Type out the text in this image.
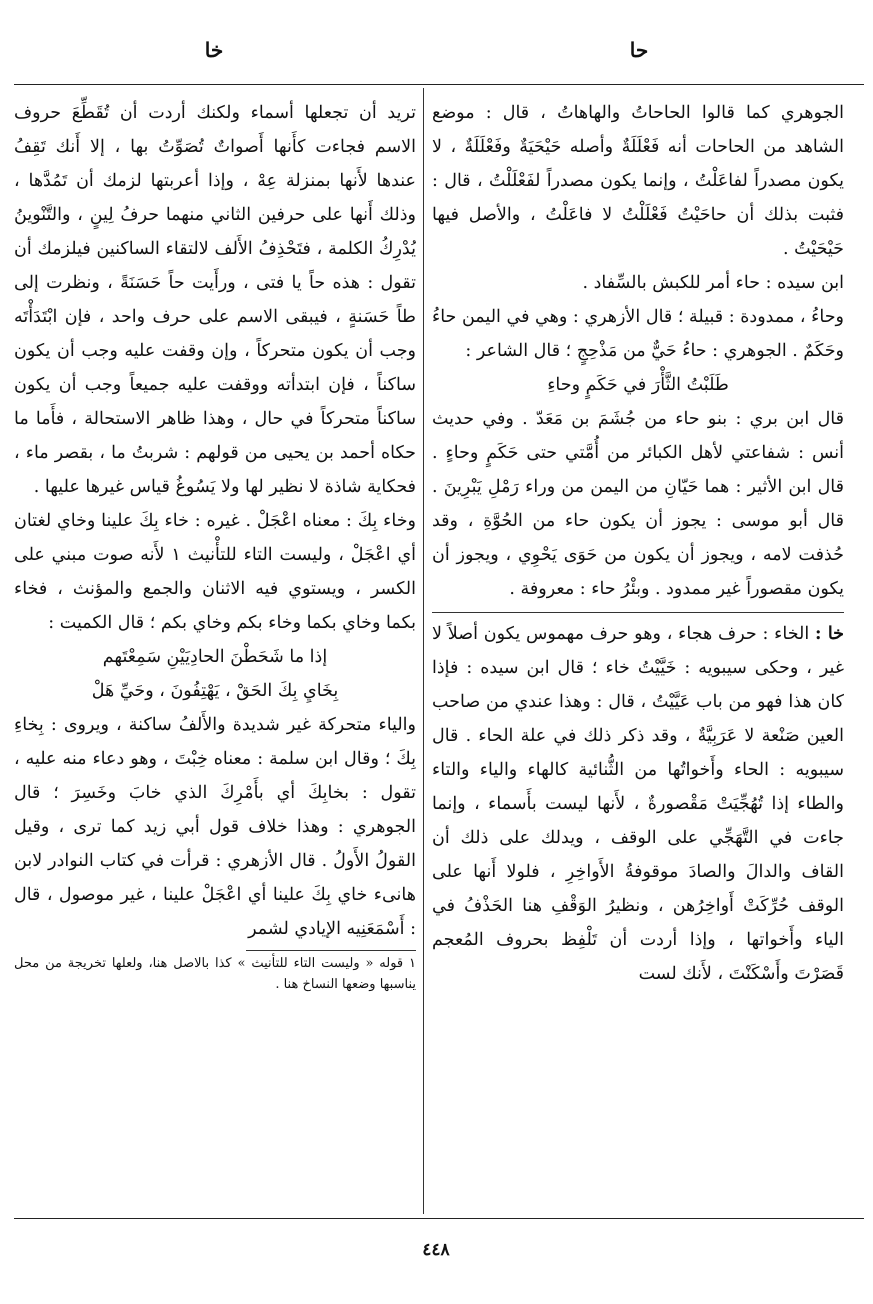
حا
خا

الجوهري كما قالوا الحاحاتُ والهاهاتُ ، قال : موضع الشاهد من الحاحات أنه فَعْلَلَةٌ وأصله حَيْحَيَةٌ وفَعْلَلَةٌ ، لا يكون مصدراً لفاعَلْتُ ، وإنما يكون مصدراً لفَعْلَلْتُ ، قال : فثبت بذلك أن حاحَيْتُ فَعْلَلْتُ لا فاعَلْتُ ، والأصل فيها حَيْحَيْتُ .

ابن سيده : حاء أمر للكبش بالسِّفاد .

وحاءُ ، ممدودة : قبيلة ؛ قال الأزهري : وهي في اليمن حاءُ وحَكَمٌ . الجوهري : حاءُ حَيٌّ من مَذْحِجٍ ؛ قال الشاعر :

طَلَبْتُ الثَّأْرَ في حَكَمٍ وحاءِ

قال ابن بري : بنو حاء من جُشَمَ بن مَعَدّ . وفي حديث أنس : شفاعتي لأهل الكبائر من أُمَّتي حتى حَكَمٍ وحاءٍ . قال ابن الأثير : هما حَيّانِ من اليمن من وراء رَمْلِ يَبْرِينَ . قال أبو موسى : يجوز أن يكون حاء من الحُوَّةِ ، وقد حُذفت لامه ، ويجوز أن يكون من حَوَى يَحْوِي ، ويجوز أن يكون مقصوراً غير ممدود . وبئْرُ حاء : معروفة .

خا : الخاء : حرف هجاء ، وهو حرف مهموس يكون أصلاً لا غير ، وحكى سيبويه : خَيَّيْتُ خاء ؛ قال ابن سيده : فإذا كان هذا فهو من باب عَيَّيْتُ ، قال : وهذا عندي من صاحب العين صَنْعة لا عَرَبِيَّةٌ ، وقد ذكر ذلك في علة الحاء . قال سيبويه : الحاء وأَخواتُها من الثُّنائية كالهاء والياء والتاء والطاء إذا تُهُجِّيَتْ مَقْصورةٌ ، لأَنها ليست بأَسماء ، وإنما جاءت في التَّهَجِّي على الوقف ، ويدلك على ذلك أن القاف والدالَ والصادَ موقوفةُ الأَواخِرِ ، فلولا أَنها على الوقف حُرِّكَتْ أَواخِرُهن ، ونظيرُ الوَقْفِ هنا الحَذْفُ في الياء وأَخواتها ، وإذا أردت أن تَلْفِظ بحروف المُعجم قَصَرْتَ وأَسْكَنْتَ ، لأَنك لست

تريد أن تجعلها أسماء ولكنك أردت أن تُقَطِّعَ حروف الاسم فجاءت كأَنها أَصواتٌ تُصَوِّتُ بها ، إلا أَنك تَقِفُ عندها لأَنها بمنزلة عِهْ ، وإذا أعربتها لزمك أن تَمُدَّها ، وذلك أَنها على حرفين الثاني منهما حرفُ لِينٍ ، والتَّنْوينُ يُدْرِكُ الكلمة ، فتَحْذِفُ الأَلف لالتقاء الساكنين فيلزمك أن تقول : هذه حاً يا فتى ، ورأَيت حاً حَسَنَةً ، ونظرت إلى طاً حَسَنةٍ ، فيبقى الاسم على حرف واحد ، فإن ابْتَدَأْتَه وجب أن يكون متحركاً ، وإن وقفت عليه وجب أن يكون ساكناً ، فإن ابتدأته ووقفت عليه جميعاً وجب أن يكون ساكناً متحركاً في حال ، وهذا ظاهر الاستحالة ، فأَما ما حكاه أحمد بن يحيى من قولهم : شربتُ ما ، بقصر ماء ، فحكاية شاذة لا نظير لها ولا يَسُوغُ قياس غيرها عليها .

وخاء بِكَ : معناه اعْجَلْ . غيره : خاء بِكَ علينا وخاي لغتان أي اعْجَلْ ، وليست التاء للتأْنيث ١ لأَنه صوت مبني على الكسر ، ويستوي فيه الاثنان والجمع والمؤنث ، فخاء بكما وخاي بكما وخاء بكم وخاي بكم ؛ قال الكميت :

إذا ما شَحَطْنَ الحادِيَيْنِ سَمِعْتَهم

بِخَايِ بِكَ الحَقْ ، يَهْتِفُونَ ، وحَيِّ هَلْ

والياء متحركة غير شديدة والأَلفُ ساكنة ، ويروى : بِخاءِ بِكَ ؛ وقال ابن سلمة : معناه خِبْتَ ، وهو دعاء منه عليه ، تقول : بخابِكَ أي بأَمْرِكَ الذي خابَ وخَسِرَ ؛ قال الجوهري : وهذا خلاف قول أبي زيد كما ترى ، وقيل القولُ الأَولُ . قال الأزهري : قرأت في كتاب النوادر لابن هانىء خاي بِكَ علينا أي اعْجَلْ علينا ، غير موصول ، قال : أَسْمَعَنِيه الإيادي لشمر

١ قوله « وليست التاء للتأنيث » كذا بالاصل هنا، ولعلها تخريجة من محل يناسبها وضعها النساخ هنا .

٤٤٨
